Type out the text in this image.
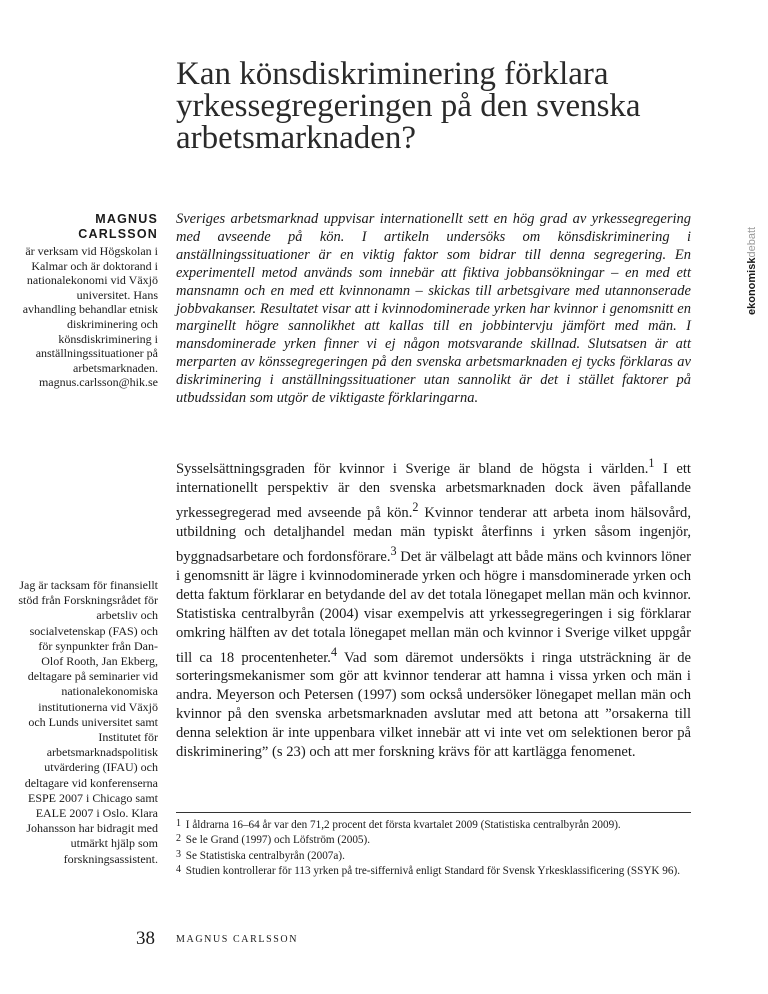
Kan könsdiskriminering förklara yrkessegregeringen på den svenska arbetsmarknaden?
ekonomiskdebatt
MAGNUS
CARLSSON
är verksam vid Högskolan i Kalmar och är doktorand i nationalekonomi vid Växjö universitet. Hans avhandling behandlar etnisk diskriminering och könsdiskriminering i anställningssituationer på arbetsmarknaden.
magnus.carlsson@hik.se
Jag är tacksam för finansiellt stöd från Forskningsrådet för arbetsliv och socialvetenskap (FAS) och för synpunkter från Dan-Olof Rooth, Jan Ekberg, deltagare på seminarier vid nationalekonomiska institutionerna vid Växjö och Lunds universitet samt Institutet för arbetsmarknadspolitisk utvärdering (IFAU) och deltagare vid konferenserna ESPE 2007 i Chicago samt EALE 2007 i Oslo. Klara Johansson har bidragit med utmärkt hjälp som forskningsassistent.

Sveriges arbetsmarknad uppvisar internationellt sett en hög grad av yrkessegregering med avseende på kön. I artikeln undersöks om könsdiskriminering i anställningssituationer är en viktig faktor som bidrar till denna segregering. En experimentell metod används som innebär att fiktiva jobbansökningar – en med ett mansnamn och en med ett kvinnonamn – skickas till arbetsgivare med utannonserade jobbvakanser. Resultatet visar att i kvinnodominerade yrken har kvinnor i genomsnitt en marginellt högre sannolikhet att kallas till en jobbintervju jämfört med män. I mansdominerade yrken finner vi ej någon motsvarande skillnad. Slutsatsen är att merparten av könssegregeringen på den svenska arbetsmarknaden ej tycks förklaras av diskriminering i anställningssituationer utan sannolikt är det i stället faktorer på utbudssidan som utgör de viktigaste förklaringarna.

Sysselsättningsgraden för kvinnor i Sverige är bland de högsta i världen.$^1$ I ett internationellt perspektiv är den svenska arbetsmarknaden dock även påfallande yrkessegregerad med avseende på kön.$^2$ Kvinnor tenderar att arbeta inom hälsovård, utbildning och detaljhandel medan män typiskt återfinns i yrken såsom ingenjör, byggnadsarbetare och fordonsförare.$^3$ Det är välbelagt att både mäns och kvinnors löner i genomsnitt är lägre i kvinnodominerade yrken och högre i mansdominerade yrken och detta faktum förklarar en betydande del av det totala lönegapet mellan män och kvinnor. Statistiska centralbyrån (2004) visar exempelvis att yrkessegregeringen i sig förklarar omkring hälften av det totala lönegapet mellan män och kvinnor i Sverige vilket uppgår till ca 18 procentenheter.$^4$ Vad som däremot undersökts i ringa utsträckning är de sorteringsmekanismer som gör att kvinnor tenderar att hamna i vissa yrken och män i andra. Meyerson och Petersen (1997) som också undersöker lönegapet mellan män och kvinnor på den svenska arbetsmarknaden avslutar med att betona att ”orsakerna till denna selektion är inte uppenbara vilket innebär att vi inte vet om selektionen beror på diskriminering” (s 23) och att mer forskning krävs för att kartlägga fenomenet.

1 I åldrarna 16–64 år var den 71,2 procent det första kvartalet 2009 (Statistiska centralbyrån 2009).

2 Se le Grand (1997) och Löfström (2005).

3 Se Statistiska centralbyrån (2007a).

4 Studien kontrollerar för 113 yrken på tre-siffernivå enligt Standard för Svensk Yrkesklassificering (SSYK 96).

38 MAGNUS CARLSSON
